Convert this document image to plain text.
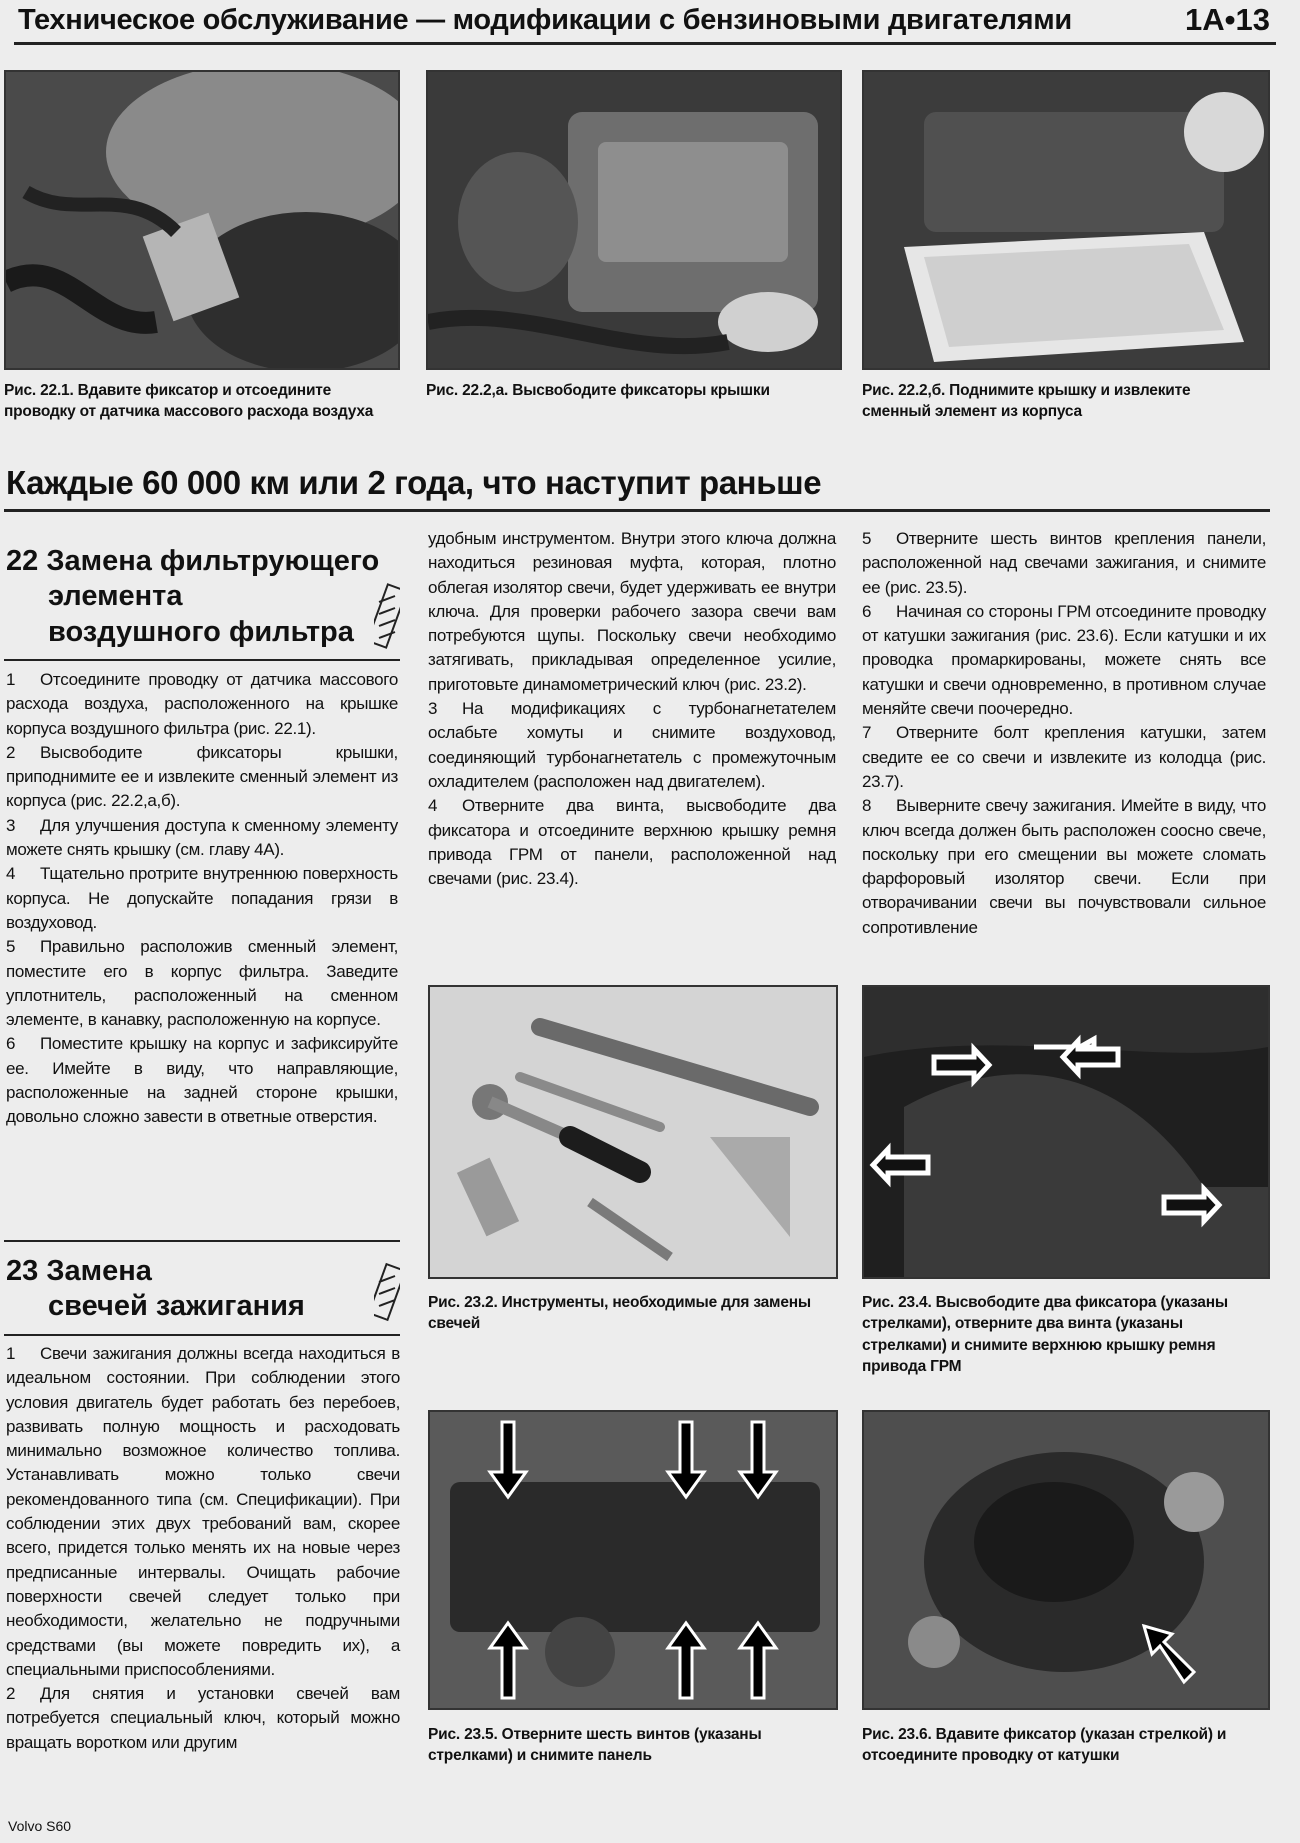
Техническое обслуживание — модификации с бензиновыми двигателями	1A•13
Рис. 22.1. Вдавите фиксатор и отсоедините проводку от датчика массового расхода воздуха
Рис. 22.2,а. Высвободите фиксаторы крышки	Рис. 22.2,б. Поднимите крышку и извлеките сменный элемент из корпуса
Каждые 60 000 км или 2 года, что наступит раньше
22 Замена фильтрующего
элемента
воздушного фильтра

1 Отсоедините проводку от датчика массового расхода воздуха, расположенного на крышке корпуса воздушного фильтра (рис. 22.1).

2 Высвободите фиксаторы крышки, приподнимите ее и извлеките сменный элемент из корпуса (рис. 22.2,а,б).

3 Для улучшения доступа к сменному элементу можете снять крышку (см. главу 4А).

4 Тщательно протрите внутреннюю поверхность корпуса. Не допускайте попадания грязи в воздуховод.

5 Правильно расположив сменный элемент, поместите его в корпус фильтра. Заведите уплотнитель, расположенный на сменном элементе, в канавку, расположенную на корпусе.

6 Поместите крышку на корпус и зафиксируйте ее. Имейте в виду, что направляющие, расположенные на задней стороне крышки, довольно сложно завести в ответные отверстия.

23 Замена
свечей зажигания

1 Свечи зажигания должны всегда находиться в идеальном состоянии. При соблюдении этого условия двигатель будет работать без перебоев, развивать полную мощность и расходовать минимально возможное количество топлива. Устанавливать можно только свечи рекомендованного типа (см. Спецификации). При соблюдении этих двух требований вам, скорее всего, придется только менять их на новые через предписанные интервалы. Очищать рабочие поверхности свечей следует только при необходимости, желательно не подручными средствами (вы можете повредить их), а специальными приспособлениями.

2 Для снятия и установки свечей вам потребуется специальный ключ, который можно вращать воротком или другим

удобным инструментом. Внутри этого ключа должна находиться резиновая муфта, которая, плотно облегая изолятор свечи, будет удерживать ее внутри ключа. Для проверки рабочего зазора свечи вам потребуются щупы. Поскольку свечи необходимо затягивать, прикладывая определенное усилие, приготовьте динамометрический ключ (рис. 23.2).

3 На модификациях с турбонагнетателем ослабьте хомуты и снимите воздуховод, соединяющий турбонагнетатель с промежуточным охладителем (расположен над двигателем).

4 Отверните два винта, высвободите два фиксатора и отсоедините верхнюю крышку ремня привода ГРМ от панели, расположенной над свечами (рис. 23.4).

5 Отверните шесть винтов крепления панели, расположенной над свечами зажигания, и снимите ее (рис. 23.5).

6 Начиная со стороны ГРМ отсоедините проводку от катушки зажигания (рис. 23.6). Если катушки и их проводка промаркированы, можете снять все катушки и свечи одновременно, в противном случае меняйте свечи поочередно.

7 Отверните болт крепления катушки, затем сведите ее со свечи и извлеките из колодца (рис. 23.7).

8 Выверните свечу зажигания. Имейте в виду, что ключ всегда должен быть расположен соосно свече, поскольку при его смещении вы можете сломать фарфоровый изолятор свечи. Если при отворачивании свечи вы почувствовали сильное сопротивление

Рис. 23.2. Инструменты, необходимые для замены свечей
Рис. 23.4. Высвободите два фиксатора (указаны стрелками), отверните два винта (указаны стрелками) и снимите верхнюю крышку ремня привода ГРМ
Рис. 23.5. Отверните шесть винтов (указаны стрелками) и снимите панель
Рис. 23.6. Вдавите фиксатор (указан стрелкой) и отсоедините проводку от катушки
Volvo S60
